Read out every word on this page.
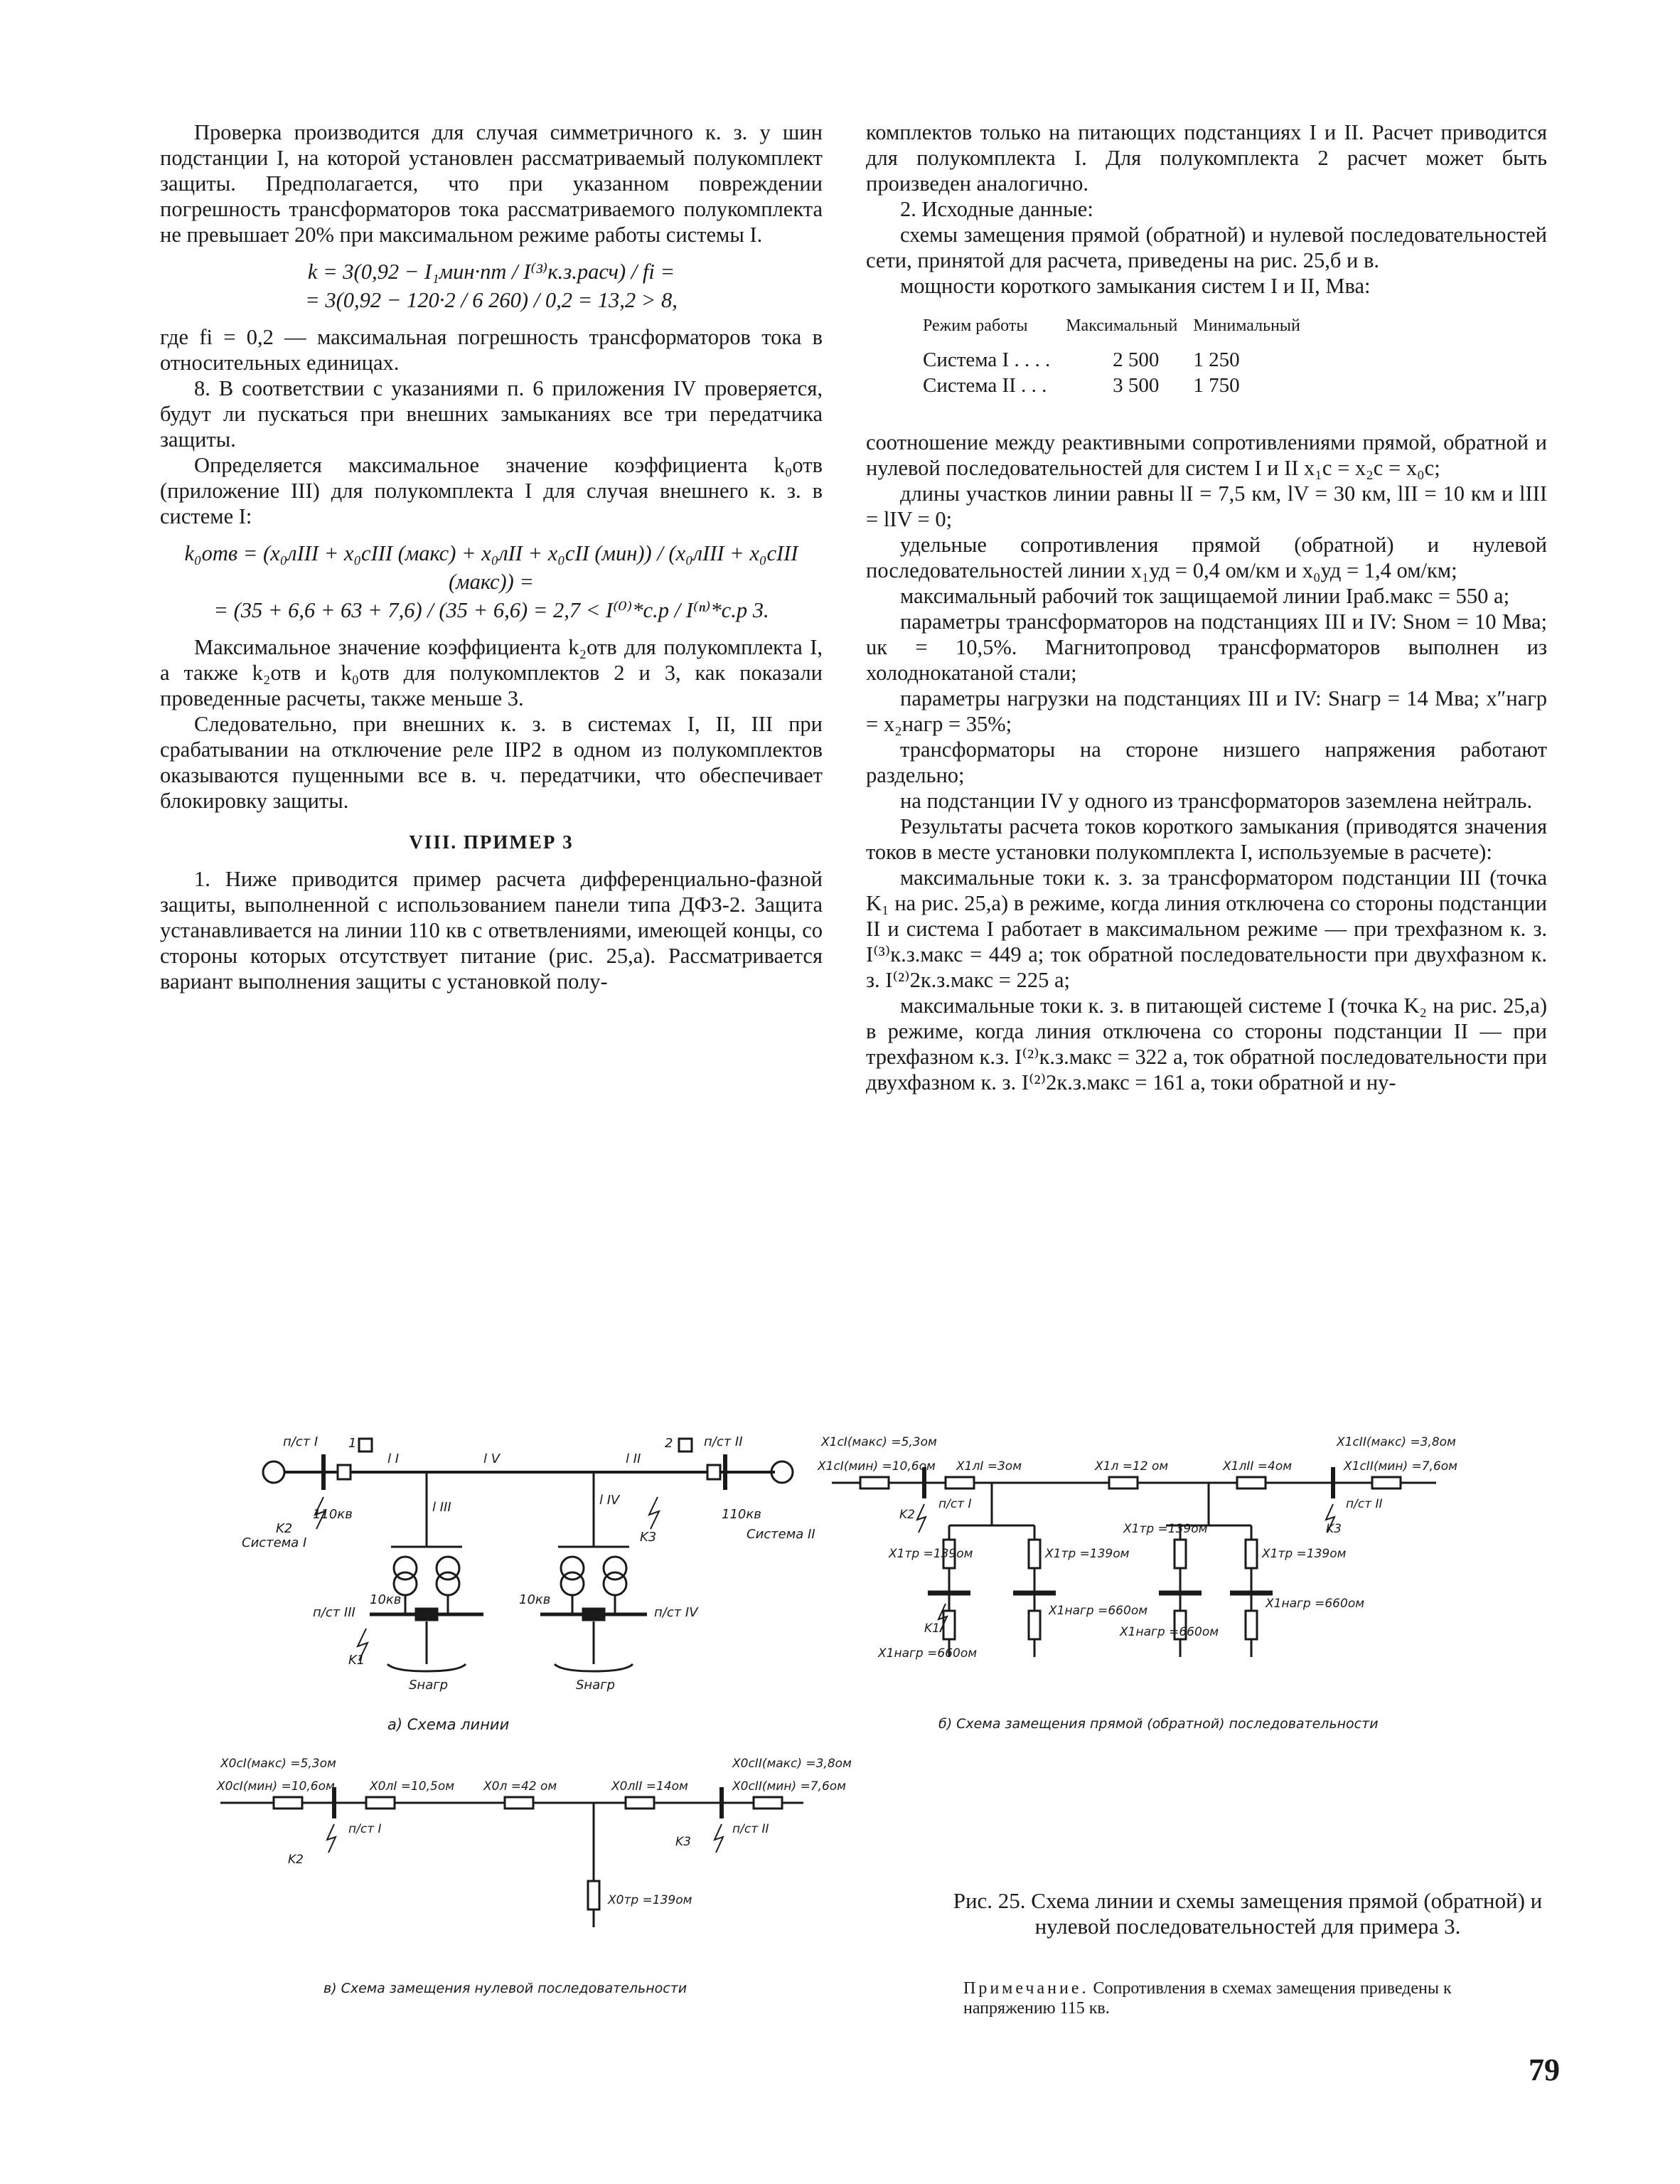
Проверка производится для случая симметричного к. з. у шин подстанции I, на которой установлен рассматриваемый полукомплект защиты. Предполагается, что при указанном повреждении погрешность трансформаторов тока рассматриваемого полукомплекта не превышает 20% при максимальном режиме работы системы I.

k = 3(0,92 − I₁мин·nт / I⁽³⁾к.з.расч) / fi =
= 3(0,92 − 120·2 / 6 260) / 0,2 = 13,2 > 8,

где fi = 0,2 — максимальная погрешность трансформаторов тока в относительных единицах.

8. В соответствии с указаниями п. 6 приложения IV проверяется, будут ли пускаться при внешних замыканиях все три передатчика защиты.

Определяется максимальное значение коэффициента k₀отв (приложение III) для полукомплекта I для случая внешнего к. з. в системе I:

k₀отв = (x₀лIII + x₀cIII (макс) + x₀лII + x₀cII (мин)) / (x₀лIII + x₀cIII (макс)) =
= (35 + 6,6 + 63 + 7,6) / (35 + 6,6) = 2,7 < I⁽⁰⁾*с.р / I⁽ⁿ⁾*с.р 3.

Максимальное значение коэффициента k₂отв для полукомплекта I, а также k₂отв и k₀отв для полукомплектов 2 и 3, как показали проведенные расчеты, также меньше 3.

Следовательно, при внешних к. з. в системах I, II, III при срабатывании на отключение реле IIP2 в одном из полукомплектов оказываются пущенными все в. ч. передатчики, что обеспечивает блокировку защиты.

VIII. ПРИМЕР 3

1. Ниже приводится пример расчета дифференциально-фазной защиты, выполненной с использованием панели типа ДФЗ-2. Защита устанавливается на линии 110 кв с ответвлениями, имеющей концы, со стороны которых отсутствует питание (рис. 25,а). Рассматривается вариант выполнения защиты с установкой полу-

комплектов только на питающих подстанциях I и II. Расчет приводится для полукомплекта I. Для полукомплекта 2 расчет может быть произведен аналогично.

2. Исходные данные:

схемы замещения прямой (обратной) и нулевой последовательностей сети, принятой для расчета, приведены на рис. 25,б и в.

мощности короткого замыкания систем I и II, Мва:

Режим работы	Максимальный	Минимальный
Система I . . . .	2 500	1 250
Система II . . .	3 500	1 750

соотношение между реактивными сопротивлениями прямой, обратной и нулевой последовательностей для систем I и II x₁c = x₂c = x₀c;

длины участков линии равны lI = 7,5 км, lV = 30 км, lII = 10 км и lIII = lIV = 0;

удельные сопротивления прямой (обратной) и нулевой последовательностей линии x₁уд = 0,4 ом/км и x₀уд = 1,4 ом/км;

максимальный рабочий ток защищаемой линии Iраб.макс = 550 а;

параметры трансформаторов на подстанциях III и IV: Sном = 10 Мва; uк = 10,5%. Магнитопровод трансформаторов выполнен из холоднокатаной стали;

параметры нагрузки на подстанциях III и IV: Sнагр = 14 Мва; x″нагр = x₂нагр = 35%;

трансформаторы на стороне низшего напряжения работают раздельно;

на подстанции IV у одного из трансформаторов заземлена нейтраль.

Результаты расчета токов короткого замыкания (приводятся значения токов в месте установки полукомплекта I, используемые в расчете):

максимальные токи к. з. за трансформатором подстанции III (точка K₁ на рис. 25,а) в режиме, когда линия отключена со стороны подстанции II и система I работает в максимальном режиме — при трехфазном к. з. I⁽³⁾к.з.макс = 449 а; ток обратной последовательности при двухфазном к. з. I⁽²⁾2к.з.макс = 225 а;

максимальные токи к. з. в питающей системе I (точка K₂ на рис. 25,а) в режиме, когда линия отключена со стороны подстанции II — при трехфазном к.з. I⁽²⁾к.з.макс = 322 а, ток обратной последовательности при двухфазном к. з. I⁽²⁾2к.з.макс = 161 а, токи обратной и ну-

п/ст I	п/ст II
110кв	110кв
Система I
Система II
K2
K3
K1
l I	l V	l II
l III	l IV
1	2
п/ст III	п/ст IV
10кв	10кв
Sнагр	Sнагр
X1cI(макс) =5,3ом
X1cI(мин) =10,6ом X1лI =3ом	X1л =12 ом	X1лII =4ом
X1cII(макс) =3,8ом
X1cII(мин) =7,6ом
п/ст I	п/ст II
K2
K3
K1
X1тр =139ом	X1тр =139ом
X1тр =139ом
X1тр =139ом
X1нагр =660ом
X1нагр =660ом
X1нагр =660ом
X1нагр =660ом
X0cI(макс) =5,3ом
X0cI(мин) =10,6ом	X0лI =10,5ом X0л =42 ом	X0лII =14ом
X0cII(макс) =3,8ом
X0cII(мин) =7,6ом
п/ст I	п/ст II
K2
K3
X0тр =139ом
а) Схема линии	б) Схема замещения прямой (обратной) последовательности
в) Схема замещения нулевой последовательности
Рис. 25. Схема линии и схемы замещения прямой (обратной) и нулевой последовательностей для примера 3.
Примечание. Сопротивления в схемах замещения приведены к напряжению 115 кв.
79
